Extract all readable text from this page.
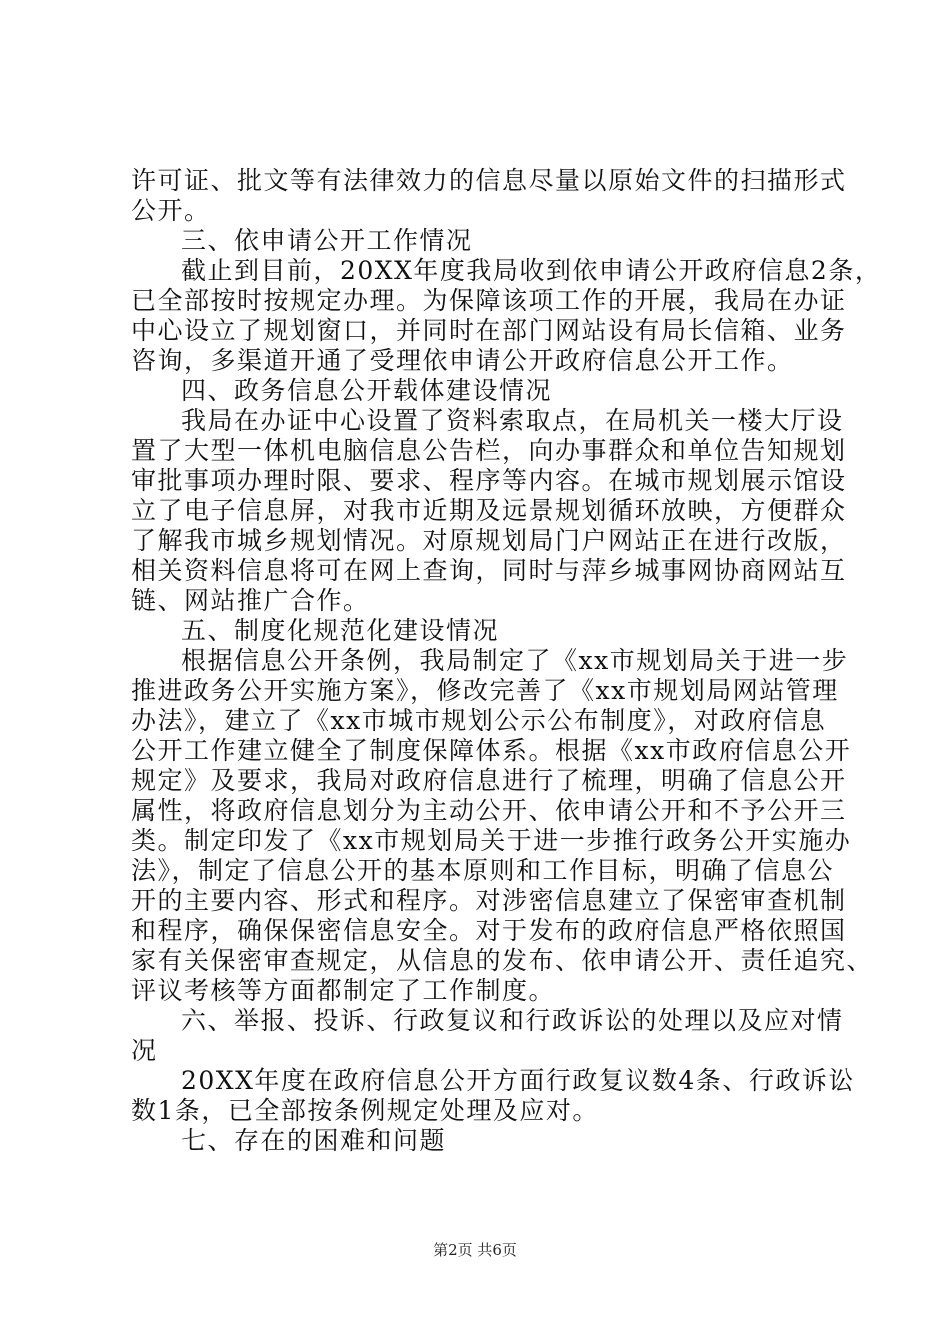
许可证、批文等有法律效力的信息尽量以原始文件的扫描形式
公开。
三、依申请公开工作情况
截止到目前，20XX年度我局收到依申请公开政府信息2条，
已全部按时按规定办理。为保障该项工作的开展，我局在办证
中心设立了规划窗口，并同时在部门网站设有局长信箱、业务
咨询，多渠道开通了受理依申请公开政府信息公开工作。
四、政务信息公开载体建设情况
我局在办证中心设置了资料索取点，在局机关一楼大厅设
置了大型一体机电脑信息公告栏，向办事群众和单位告知规划
审批事项办理时限、要求、程序等内容。在城市规划展示馆设
立了电子信息屏，对我市近期及远景规划循环放映，方便群众
了解我市城乡规划情况。对原规划局门户网站正在进行改版，
相关资料信息将可在网上查询，同时与萍乡城事网协商网站互
链、网站推广合作。
五、制度化规范化建设情况
根据信息公开条例，我局制定了《xx市规划局关于进一步
推进政务公开实施方案》，修改完善了《xx市规划局网站管理
办法》，建立了《xx市城市规划公示公布制度》，对政府信息
公开工作建立健全了制度保障体系。根据《xx市政府信息公开
规定》及要求，我局对政府信息进行了梳理，明确了信息公开
属性，将政府信息划分为主动公开、依申请公开和不予公开三
类。制定印发了《xx市规划局关于进一步推行政务公开实施办
法》，制定了信息公开的基本原则和工作目标，明确了信息公
开的主要内容、形式和程序。对涉密信息建立了保密审查机制
和程序，确保保密信息安全。对于发布的政府信息严格依照国
家有关保密审查规定，从信息的发布、依申请公开、责任追究、
评议考核等方面都制定了工作制度。
六、举报、投诉、行政复议和行政诉讼的处理以及应对情
况
20XX年度在政府信息公开方面行政复议数4条、行政诉讼
数1条，已全部按条例规定处理及应对。
七、存在的困难和问题
第2页 共6页
